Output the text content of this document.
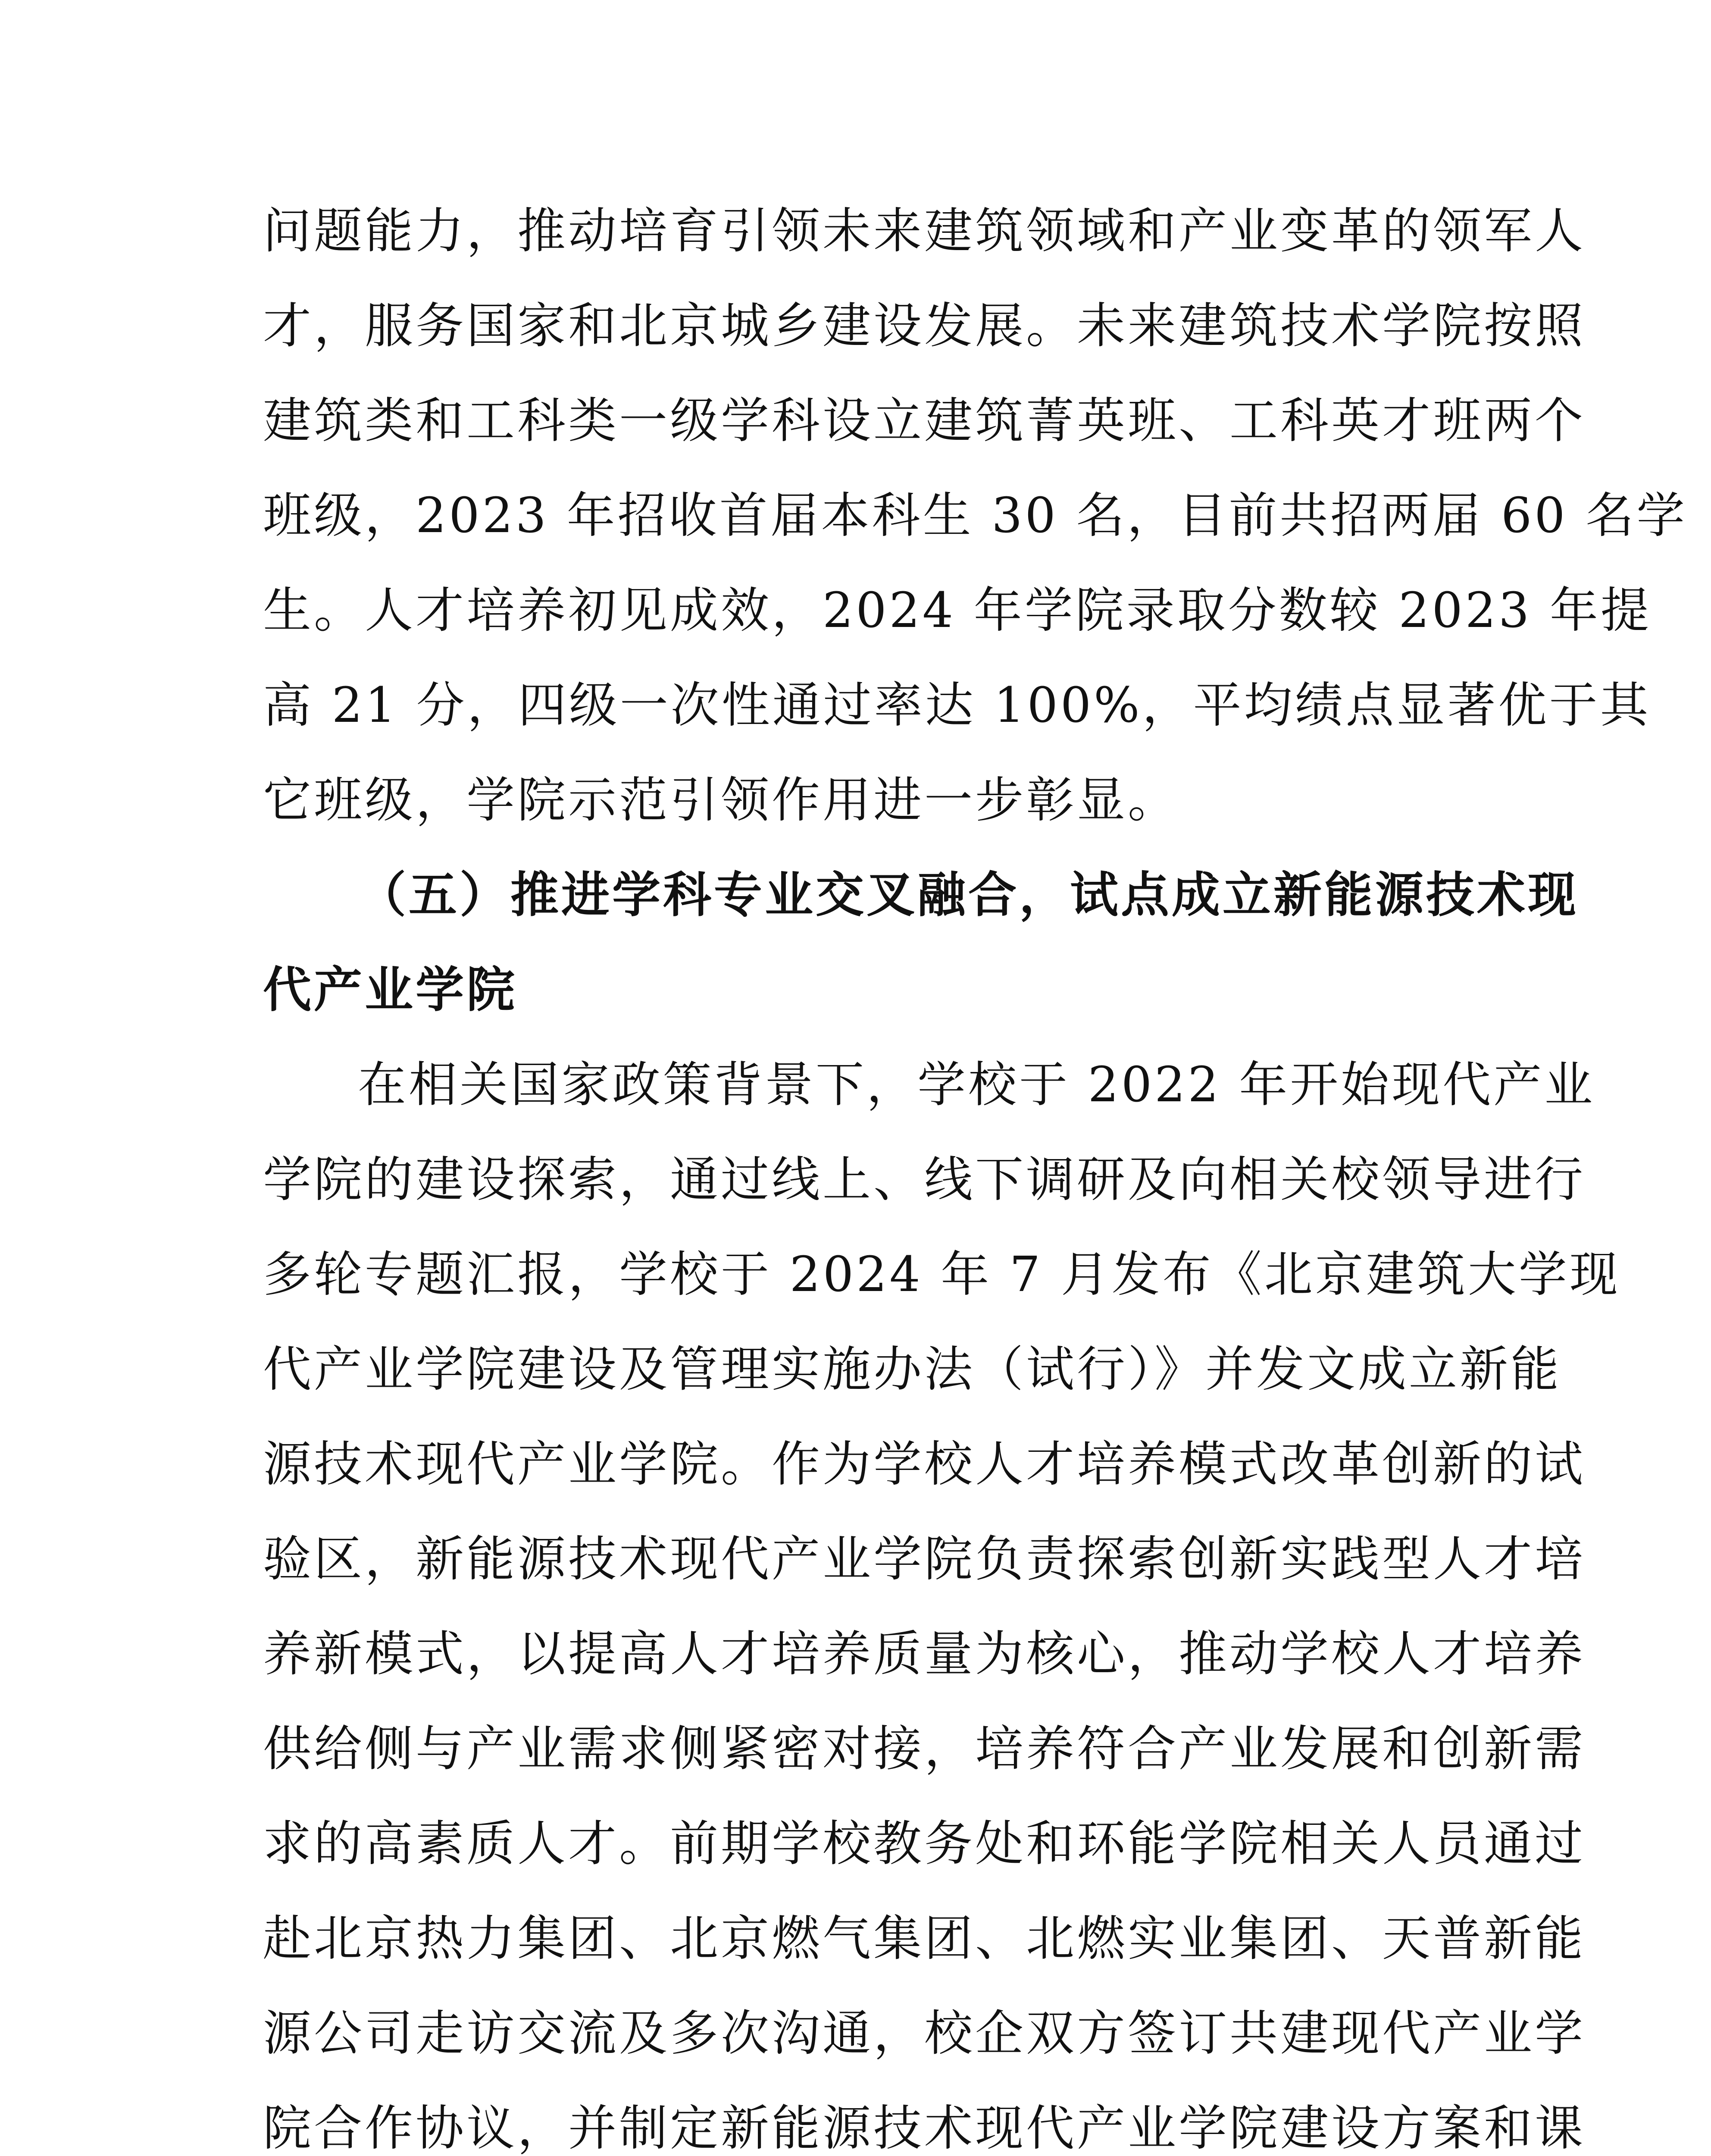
问题能力，推动培育引领未来建筑领域和产业变革的领军人
才，服务国家和北京城乡建设发展。未来建筑技术学院按照
建筑类和工科类一级学科设立建筑菁英班、工科英才班两个
班级，2023 年招收首届本科生 30 名，目前共招两届 60 名学
生。人才培养初见成效，2024 年学院录取分数较 2023 年提
高 21 分，四级一次性通过率达 100%，平均绩点显著优于其
它班级，学院示范引领作用进一步彰显。
（五）推进学科专业交叉融合，试点成立新能源技术现
代产业学院
在相关国家政策背景下，学校于 2022 年开始现代产业
学院的建设探索，通过线上、线下调研及向相关校领导进行
多轮专题汇报，学校于 2024 年 7 月发布《北京建筑大学现
代产业学院建设及管理实施办法（试行）》并发文成立新能
源技术现代产业学院。作为学校人才培养模式改革创新的试
验区，新能源技术现代产业学院负责探索创新实践型人才培
养新模式，以提高人才培养质量为核心，推动学校人才培养
供给侧与产业需求侧紧密对接，培养符合产业发展和创新需
求的高素质人才。前期学校教务处和环能学院相关人员通过
赴北京热力集团、北京燃气集团、北燃实业集团、天普新能
源公司走访交流及多次沟通，校企双方签订共建现代产业学
院合作协议，并制定新能源技术现代产业学院建设方案和课
